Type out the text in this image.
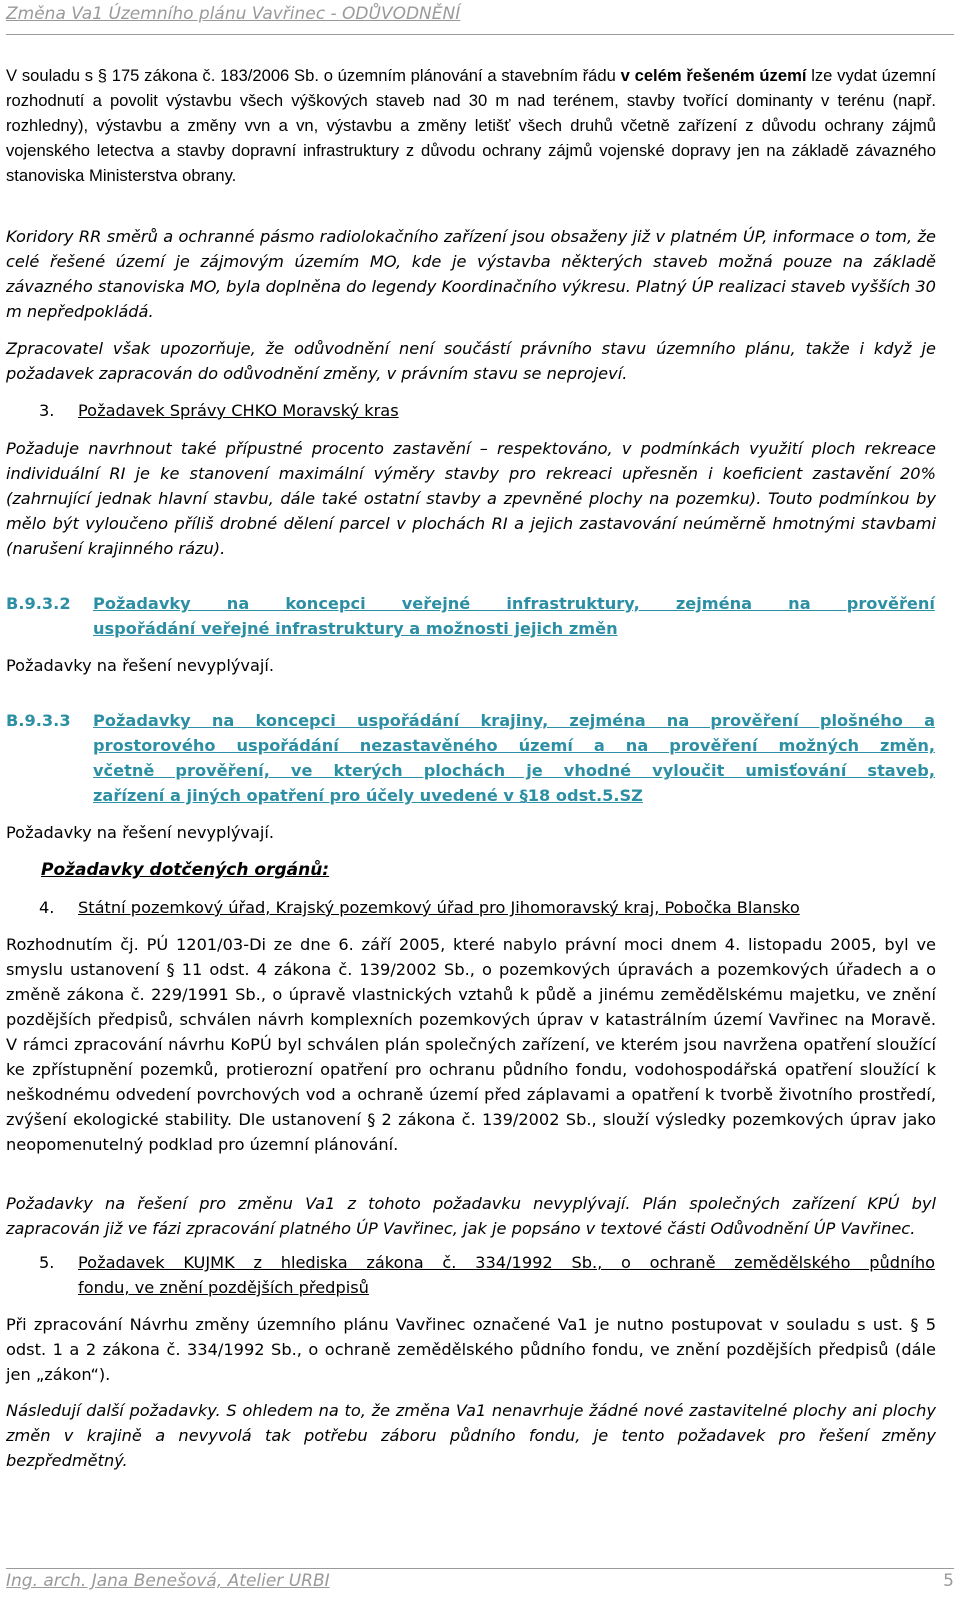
Změna Va1 Územního plánu Vavřinec - ODŮVODNĚNÍ
V souladu s § 175 zákona č. 183/2006 Sb. o územním plánování a stavebním řádu v celém řešeném území lze vydat územní rozhodnutí a povolit výstavbu všech výškových staveb nad 30 m nad terénem, stavby tvořící dominanty v terénu (např. rozhledny), výstavbu a změny vvn a vn, výstavbu a změny letišť všech druhů včetně zařízení z důvodu ochrany zájmů vojenského letectva a stavby dopravní infrastruktury z důvodu ochrany zájmů vojenské dopravy jen na základě závazného stanoviska Ministerstva obrany.
Koridory RR směrů a ochranné pásmo radiolokačního zařízení jsou obsaženy již v platném ÚP, informace o tom, že celé řešené území je zájmovým územím MO, kde je výstavba některých staveb možná pouze na základě závazného stanoviska MO, byla doplněna do legendy Koordinačního výkresu. Platný ÚP realizaci staveb vyšších 30 m nepředpokládá.
Zpracovatel však upozorňuje, že odůvodnění není součástí právního stavu územního plánu, takže i když je požadavek zapracován do odůvodnění změny, v právním stavu se neprojeví.
3. Požadavek Správy CHKO Moravský kras
Požaduje navrhnout také přípustné procento zastavění – respektováno, v podmínkách využití ploch rekreace individuální RI je ke stanovení maximální výměry stavby pro rekreaci upřesněn i koeficient zastavění 20% (zahrnující jednak hlavní stavbu, dále také ostatní stavby a zpevněné plochy na pozemku). Touto podmínkou by mělo být vyloučeno příliš drobné dělení parcel v plochách RI a jejich zastavování neúměrně hmotnými stavbami (narušení krajinného rázu).
B.9.3.2 Požadavky na koncepci veřejné infrastruktury, zejména na prověření
uspořádání veřejné infrastruktury a možnosti jejich změn
Požadavky na řešení nevyplývají.
B.9.3.3 Požadavky na koncepci uspořádání krajiny, zejména na prověření plošného a
prostorového uspořádání nezastavěného území a na prověření možných změn,
včetně prověření, ve kterých plochách je vhodné vyloučit umisťování staveb,
zařízení a jiných opatření pro účely uvedené v §18 odst.5.SZ
Požadavky na řešení nevyplývají.
Požadavky dotčených orgánů:
4. Státní pozemkový úřad, Krajský pozemkový úřad pro Jihomoravský kraj, Pobočka Blansko
Rozhodnutím čj. PÚ 1201/03-Di ze dne 6. září 2005, které nabylo právní moci dnem 4. listopadu 2005, byl ve smyslu ustanovení § 11 odst. 4 zákona č. 139/2002 Sb., o pozemkových úpravách a pozemkových úřadech a o změně zákona č. 229/1991 Sb., o úpravě vlastnických vztahů k půdě a jinému zemědělskému majetku, ve znění pozdějších předpisů, schválen návrh komplexních pozemkových úprav v katastrálním území Vavřinec na Moravě. V rámci zpracování návrhu KoPÚ byl schválen plán společných zařízení, ve kterém jsou navržena opatření sloužící ke zpřístupnění pozemků, protierozní opatření pro ochranu půdního fondu, vodohospodářská opatření sloužící k neškodnému odvedení povrchových vod a ochraně území před záplavami a opatření k tvorbě životního prostředí, zvýšení ekologické stability. Dle ustanovení § 2 zákona č. 139/2002 Sb., slouží výsledky pozemkových úprav jako neopomenutelný podklad pro územní plánování.
Požadavky na řešení pro změnu Va1 z tohoto požadavku nevyplývají. Plán společných zařízení KPÚ byl zapracován již ve fázi zpracování platného ÚP Vavřinec, jak je popsáno v textové části Odůvodnění ÚP Vavřinec.
5. Požadavek KUJMK z hlediska zákona č. 334/1992 Sb., o ochraně zemědělského půdního
fondu, ve znění pozdějších předpisů
Při zpracování Návrhu změny územního plánu Vavřinec označené Va1 je nutno postupovat v souladu s ust. § 5 odst. 1 a 2 zákona č. 334/1992 Sb., o ochraně zemědělského půdního fondu, ve znění pozdějších předpisů (dále jen „zákon“).
Následují další požadavky. S ohledem na to, že změna Va1 nenavrhuje žádné nové zastavitelné plochy ani plochy změn v krajině a nevyvolá tak potřebu záboru půdního fondu, je tento požadavek pro řešení změny bezpředmětný.
Ing. arch. Jana Benešová, Atelier URBI	5
